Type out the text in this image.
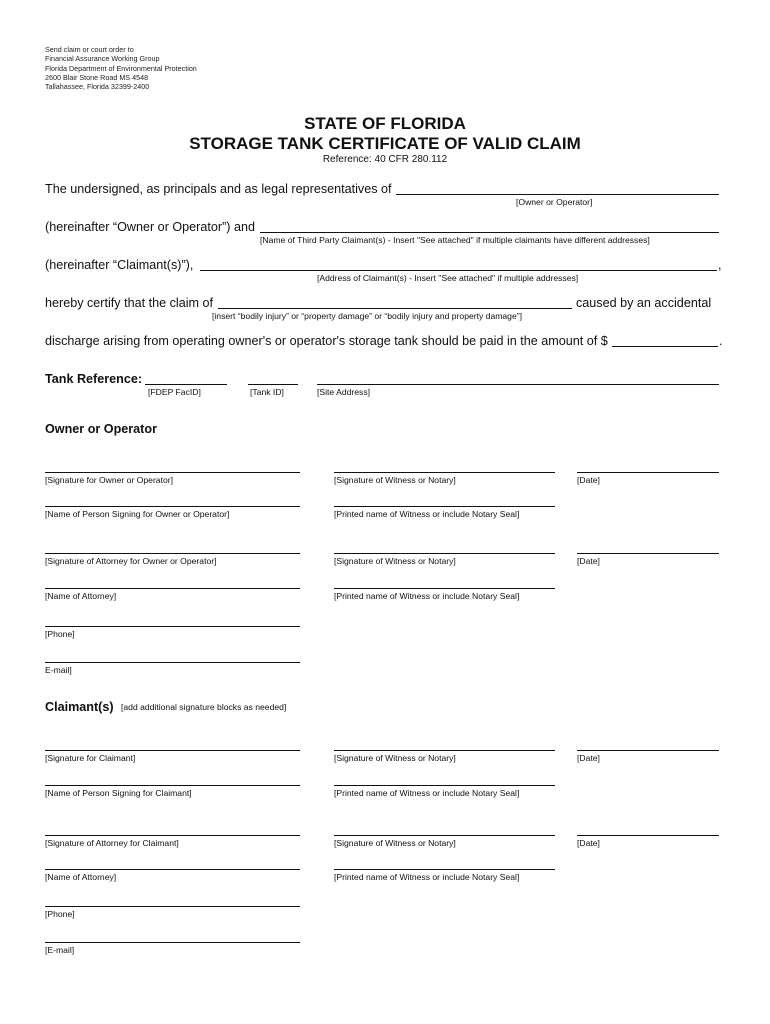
Send claim or court order to
Financial Assurance Working Group
Florida Department of Environmental Protection
2600 Blair Stone Road MS 4548
Tallahassee, Florida 32399-2400
STATE OF FLORIDA
STORAGE TANK CERTIFICATE OF VALID CLAIM
Reference: 40 CFR 280.112
The undersigned, as principals and as legal representatives of
[Owner or Operator]
(hereinafter “Owner or Operator”) and
[Name of Third Party Claimant(s) - Insert "See attached" if multiple claimants have different addresses]
(hereinafter “Claimant(s)”),	,
[Address of Claimant(s) - Insert "See attached" if multiple addresses]
hereby certify that the claim of	caused by an accidental
[insert “bodily injury” or “property damage” or “bodily injury and property damage”]
discharge arising from operating owner's or operator's storage tank should be paid in the amount of $	.
Tank Reference:
[FDEP FacID]	[Tank ID]	[Site Address]
Owner or Operator
[Signature for Owner or Operator]	[Signature of Witness or Notary]	[Date]
[Name of Person Signing for Owner or Operator]	[Printed name of Witness or include Notary Seal]
[Signature of Attorney for Owner or Operator]	[Signature of Witness or Notary]	[Date]
[Name of Attorney]	[Printed name of Witness or include Notary Seal]
[Phone]
E-mail]
Claimant(s) [add additional signature blocks as needed]
[Signature for Claimant]	[Signature of Witness or Notary]	[Date]
[Name of Person Signing for Claimant]	[Printed name of Witness or include Notary Seal]
[Signature of Attorney for Claimant]	[Signature of Witness or Notary]	[Date]
[Name of Attorney]	[Printed name of Witness or include Notary Seal]
[Phone]
[E-mail]
